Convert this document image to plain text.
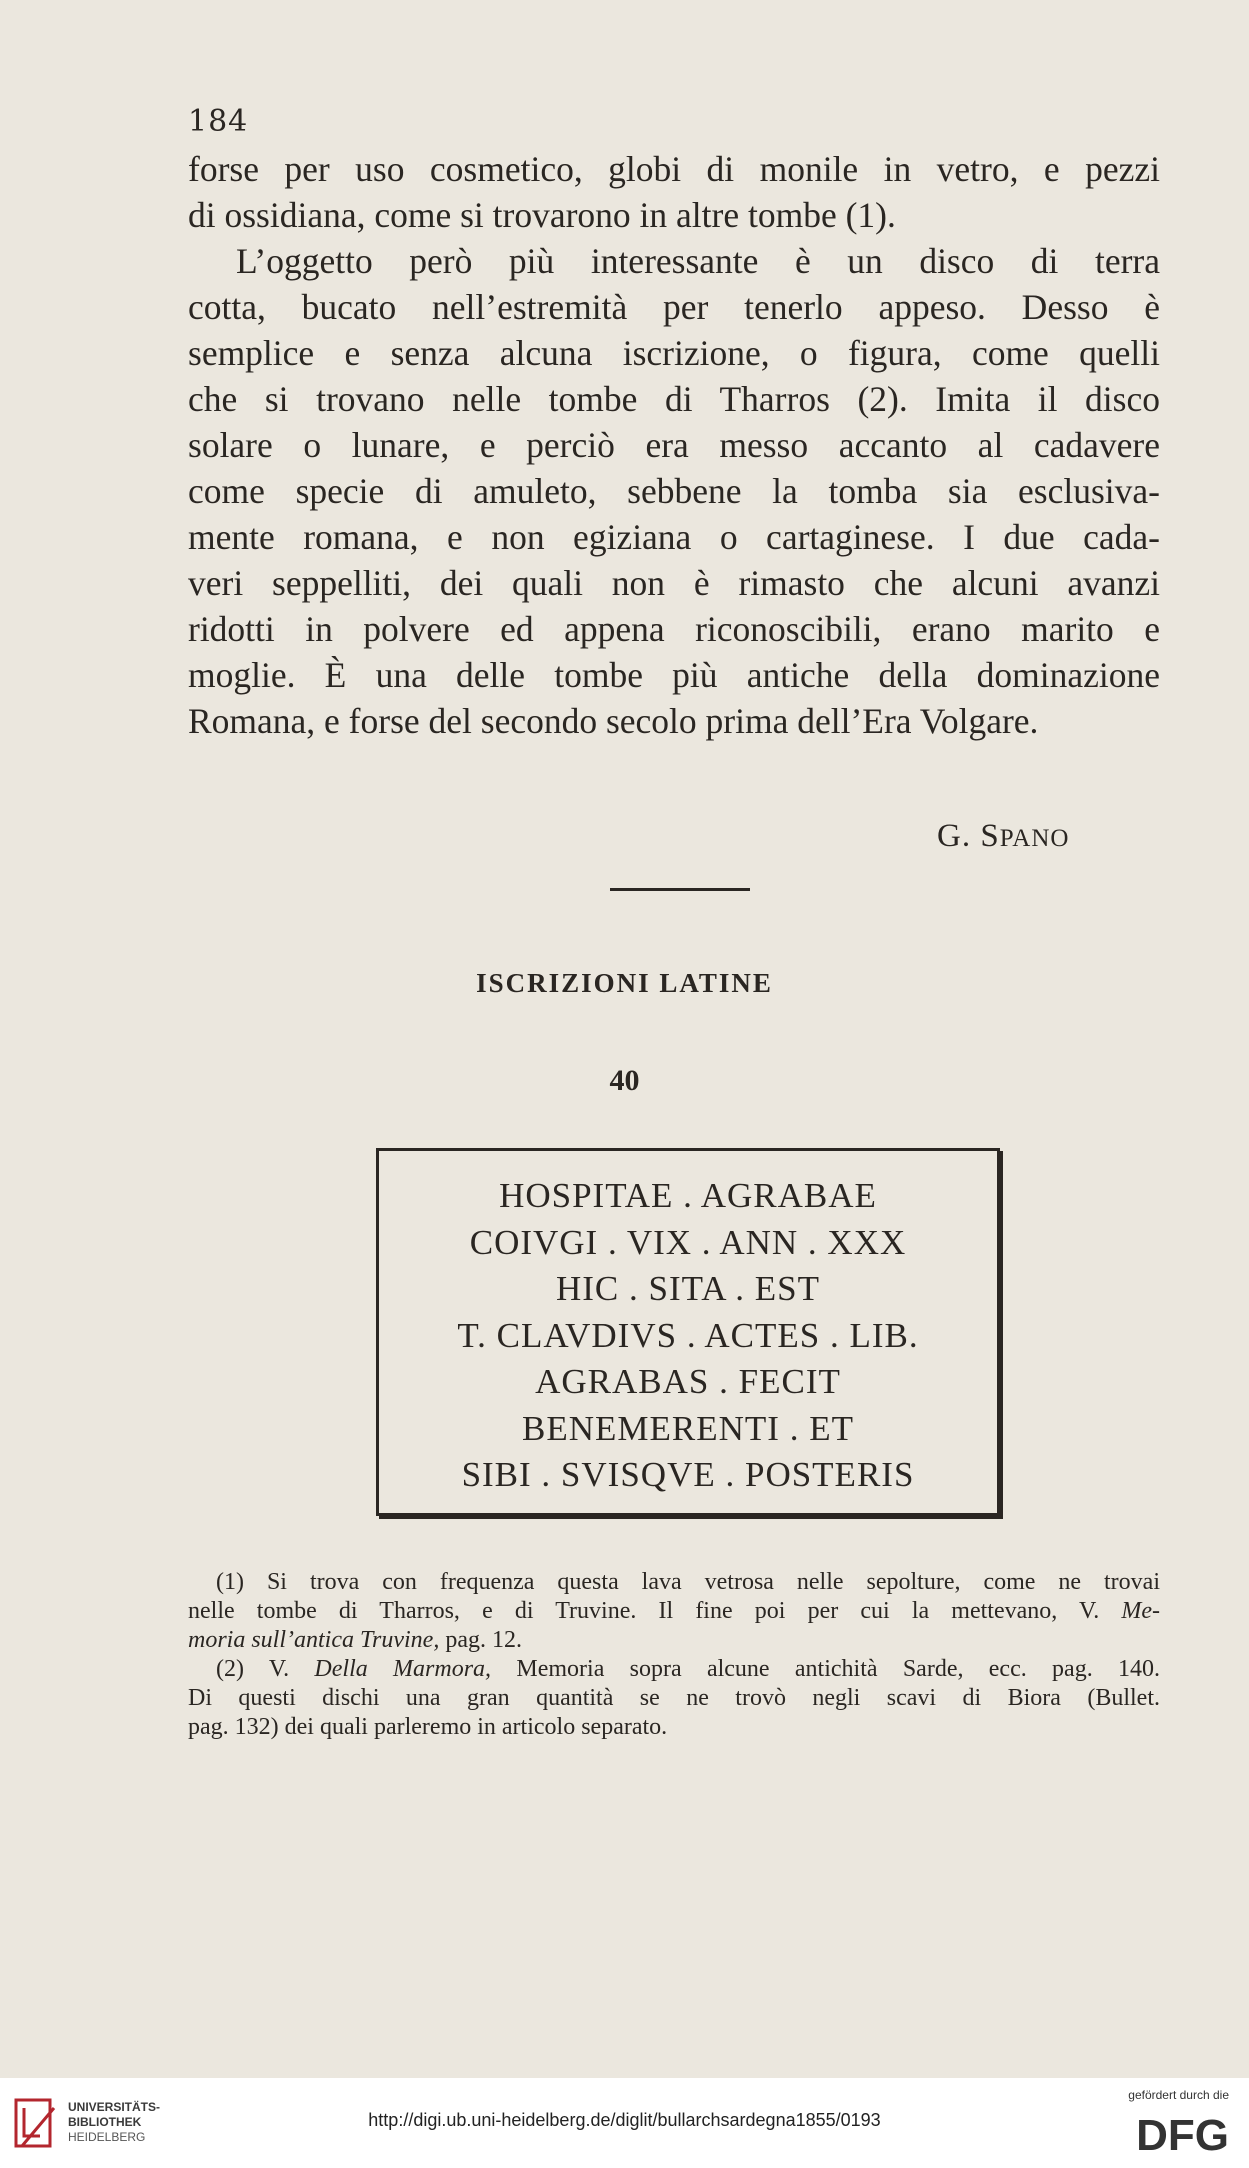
184
forse per uso cosmetico, globi di monile in vetro, e pezzi
di ossidiana, come si trovarono in altre tombe (1).
L’oggetto però più interessante è un disco di terra
cotta, bucato nell’estremità per tenerlo appeso. Desso è
semplice e senza alcuna iscrizione, o figura, come quelli
che si trovano nelle tombe di Tharros (2). Imita il disco
solare o lunare, e perciò era messo accanto al cadavere
come specie di amuleto, sebbene la tomba sia esclusiva-
mente romana, e non egiziana o cartaginese. I due cada-
veri seppelliti, dei quali non è rimasto che alcuni avanzi
ridotti in polvere ed appena riconoscibili, erano marito e
moglie. È una delle tombe più antiche della dominazione
Romana, e forse del secondo secolo prima dell’Era Volgare.
G. SPANO
ISCRIZIONI LATINE
40
HOSPITAE . AGRABAE
COIVGI . VIX . ANN . XXX
HIC . SITA . EST
T. CLAVDIVS . ACTES . LIB.
AGRABAS . FECIT
BENEMERENTI . ET
SIBI . SVISQVE . POSTERIS
(1) Si trova con frequenza questa lava vetrosa nelle sepolture, come ne trovai
nelle tombe di Tharros, e di Truvine. Il fine poi per cui la mettevano, V. Me-
moria sull’antica Truvine, pag. 12.
(2) V. Della Marmora, Memoria sopra alcune antichità Sarde, ecc. pag. 140.
Di questi dischi una gran quantità se ne trovò negli scavi di Biora (Bullet.
pag. 132) dei quali parleremo in articolo separato.
UNIVERSITÄTS-
BIBLIOTHEK
HEIDELBERG
http://digi.ub.uni-heidelberg.de/diglit/bullarchsardegna1855/0193
gefördert durch die
DFG
